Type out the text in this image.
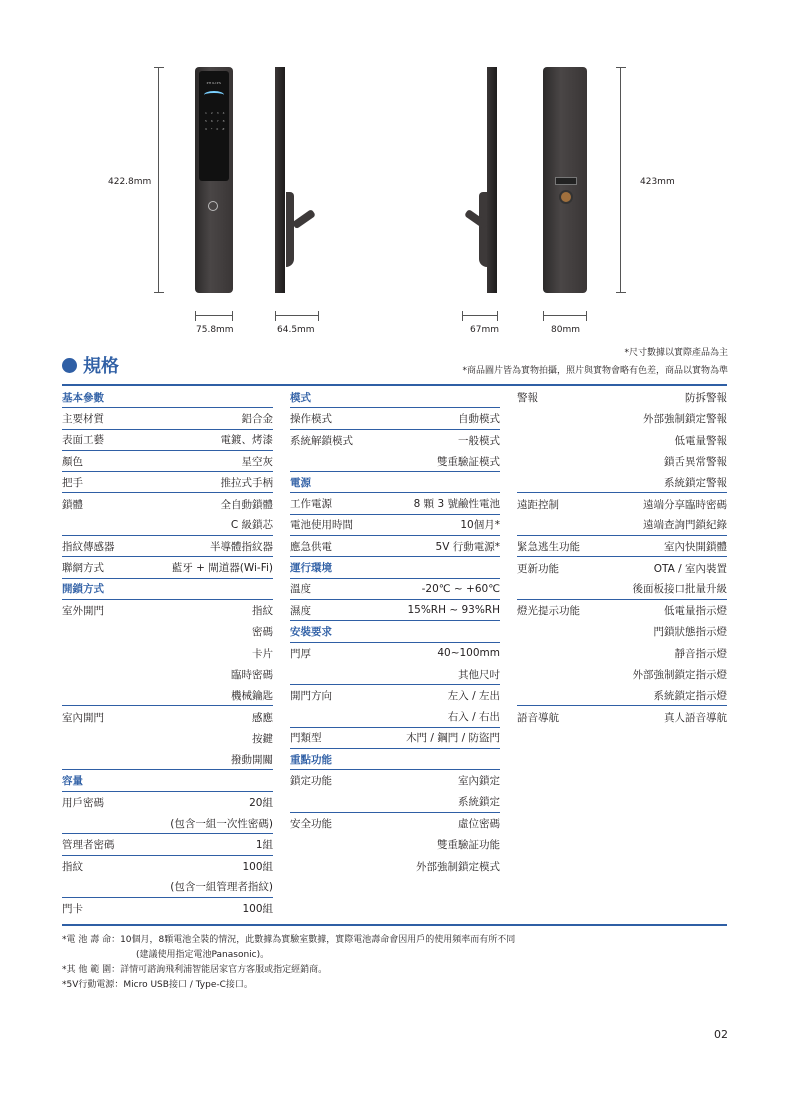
422.8mm
PHILIPS
1 2 3 4 5 6 7 8 9 * 0 #
423mm
75.8mm	64.5mm	67mm	80mm
規格
*尺寸數據以實際產品為主
*商品圖片皆為實物拍攝，照片與實物會略有色差，商品以實物為準
基本參數
主要材質	鋁合金
表面工藝	電鍍、烤漆
顏色	星空灰
把手	推拉式手柄
鎖體	全自動鎖體
C 級鎖芯
指紋傳感器	半導體指紋器
聯網方式	藍牙 + 閘道器(Wi-Fi)
開鎖方式
室外開門	指紋
密碼
卡片
臨時密碼
機械鑰匙
室內開門	感應
按鍵
撥動開關
容量
用戶密碼	20組
(包含一組一次性密碼)
管理者密碼	1組
指紋	100組
(包含一組管理者指紋)
門卡	100組
模式
操作模式	自動模式
系統解鎖模式	一般模式
雙重驗証模式
電源
工作電源	8 顆 3 號鹼性電池
電池使用時間	10個月*
應急供電	5V 行動電源*
運行環境
溫度	-20℃ ~ +60℃
濕度	15%RH ~ 93%RH
安裝要求
門厚	40~100mm
其他尺吋
開門方向	左入 / 左出
右入 / 右出
門類型	木門 / 鋼門 / 防盜門
重點功能
鎖定功能	室內鎖定
系統鎖定
安全功能	虛位密碼
雙重驗証功能
外部強制鎖定模式
警報	防拆警報
外部強制鎖定警報
低電量警報
鎖舌異常警報
系統鎖定警報
遠距控制	遠端分享臨時密碼
遠端查詢門鎖紀錄
緊急逃生功能	室內快開鎖體
更新功能	OTA / 室內裝置
後面板接口批量升級
燈光提示功能	低電量指示燈
門鎖狀態指示燈
靜音指示燈
外部強制鎖定指示燈
系統鎖定指示燈
語音導航	真人語音導航
*電 池 壽 命：10個月，8顆電池全裝的情況，此數據為實驗室數據，實際電池壽命會因用戶的使用頻率而有所不同
(建議使用指定電池Panasonic)。
*其 他 範 圍：詳情可諮詢飛利浦智能居家官方客服或指定經銷商。
*5V行動電源：Micro USB接口 / Type-C接口。
02
